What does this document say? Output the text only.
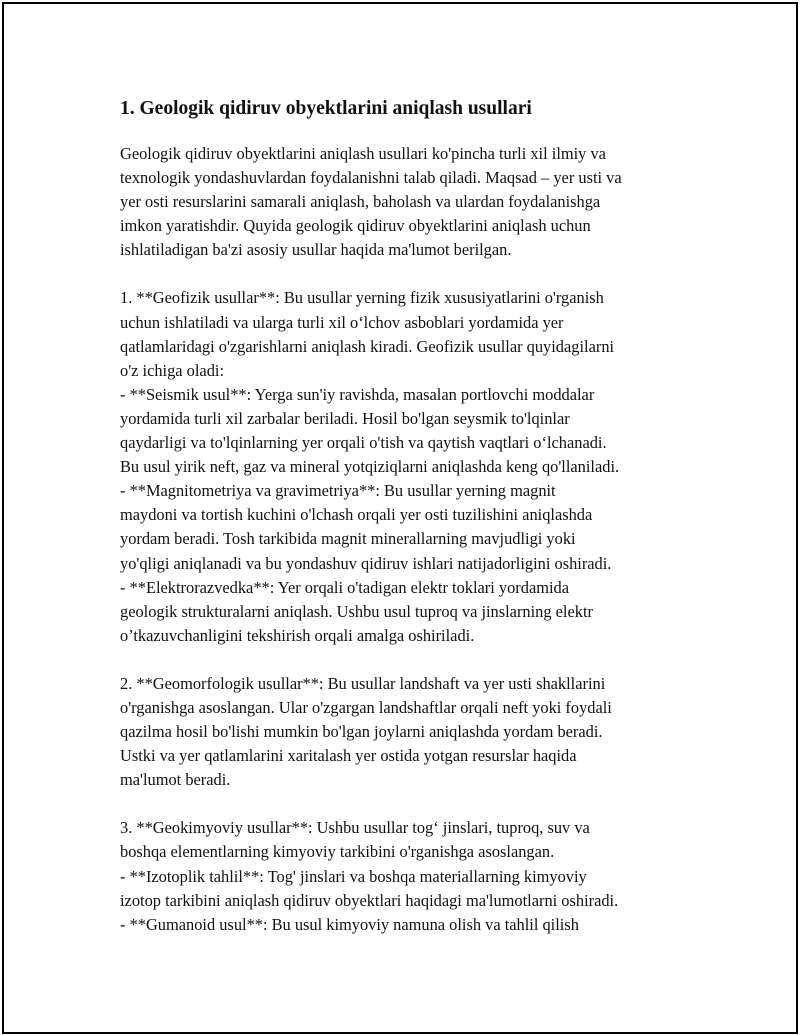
1. Geologik qidiruv obyektlarini aniqlash usullari

Geologik qidiruv obyektlarini aniqlash usullari ko'pincha turli xil ilmiy va
texnologik yondashuvlardan foydalanishni talab qiladi. Maqsad – yer usti va
yer osti resurslarini samarali aniqlash, baholash va ulardan foydalanishga
imkon yaratishdir. Quyida geologik qidiruv obyektlarini aniqlash uchun
ishlatiladigan ba'zi asosiy usullar haqida ma'lumot berilgan.

1. **Geofizik usullar**: Bu usullar yerning fizik xususiyatlarini o'rganish
uchun ishlatiladi va ularga turli xil o‘lchov asboblari yordamida yer
qatlamlaridagi o'zgarishlarni aniqlash kiradi. Geofizik usullar quyidagilarni
o'z ichiga oladi:
- **Seismik usul**: Yerga sun'iy ravishda, masalan portlovchi moddalar
yordamida turli xil zarbalar beriladi. Hosil bo'lgan seysmik to'lqinlar
qaydarligi va to'lqinlarning yer orqali o'tish va qaytish vaqtlari o‘lchanadi.
Bu usul yirik neft, gaz va mineral yotqiziqlarni aniqlashda keng qo'llaniladi.
- **Magnitometriya va gravimetriya**: Bu usullar yerning magnit
maydoni va tortish kuchini o'lchash orqali yer osti tuzilishini aniqlashda
yordam beradi. Tosh tarkibida magnit minerallarning mavjudligi yoki
yo'qligi aniqlanadi va bu yondashuv qidiruv ishlari natijadorligini oshiradi.
- **Elektrorazvedka**: Yer orqali o'tadigan elektr toklari yordamida
geologik strukturalarni aniqlash. Ushbu usul tuproq va jinslarning elektr
o’tkazuvchanligini tekshirish orqali amalga oshiriladi.

2. **Geomorfologik usullar**: Bu usullar landshaft va yer usti shakllarini
o'rganishga asoslangan. Ular o'zgargan landshaftlar orqali neft yoki foydali
qazilma hosil bo'lishi mumkin bo'lgan joylarni aniqlashda yordam beradi.
Ustki va yer qatlamlarini xaritalash yer ostida yotgan resurslar haqida
ma'lumot beradi.

3. **Geokimyoviy usullar**: Ushbu usullar tog‘ jinslari, tuproq, suv va
boshqa elementlarning kimyoviy tarkibini o'rganishga asoslangan.
- **Izotoplik tahlil**: Tog' jinslari va boshqa materiallarning kimyoviy
izotop tarkibini aniqlash qidiruv obyektlari haqidagi ma'lumotlarni oshiradi.
- **Gumanoid usul**: Bu usul kimyoviy namuna olish va tahlil qilish
